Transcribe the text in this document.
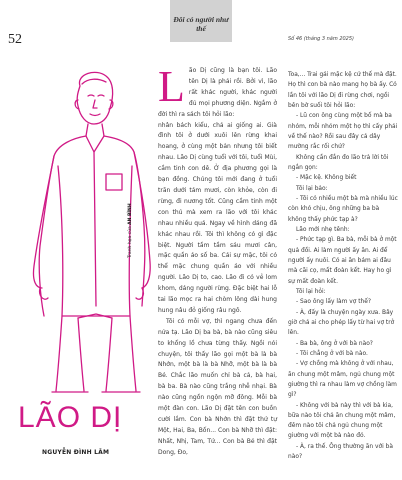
52
Đôi có người như thế
Số 46 (tháng 3 năm 2025)
Tranh họa của AN BÌNH
LÃO DỊ
NGUYỄN ĐÌNH LÂM
L ão Dị cũng là bạn tôi. Lão tên Dị là phải rồi. Bởi vì, lão rất khác người, khác người đủ mọi phương diện. Ngắm ở đời thì ra sách tôi hỏi lão:

nhân bách kiểu, chả ai giống ai. Già đình tôi ở dưới xuôi lên rừng khai hoang, ở cùng một bản nhưng tôi biết nhau. Lão Dị cùng tuổi với tôi, tuổi Mùi, cầm tinh con dê. Ở địa phương gọi là bạn đồng. Chúng tôi mới đang ở tuổi trăn dưới tám mươi, còn khỏe, còn đi rừng, đi nương tốt. Cũng cầm tinh một con thú mà xem ra lão với tôi khác nhau nhiều quá. Ngay về hình dáng đã khác nhau rồi. Tôi thì không có gì đặc biệt. Người tầm tầm sáu mươi cân, mặc quần áo số ba. Cái sự mặc, tôi có thể mặc chung quần áo với nhiều người. Lão Dị to, cao. Lão đi có vẻ lom khom, dáng người rừng. Đặc biệt hai lỗ tai lão mọc ra hai chòm lông dài hung hung nâu đỏ giống râu ngô.

Tôi có mỗi vợ, thì ngang chưa đến nửa tạ. Lão Dị ba bà, bà nào cũng siêu to khổng lồ chưa từng thấy. Ngồi nói chuyện, tôi thấy lão gọi một bà là bà Nhớn, một bà là bà Nhỡ, một bà là bà Bé. Chắc lão muốn chỉ bà cả, bà hai, bà ba. Bà nào cũng trắng nhễ nhại. Bà nào cũng ngồn ngộn mỡ đông. Mỗi bà một đàn con. Lão Dị đặt tên con buồn cười lắm. Con bà Nhớn thì đặt thứ tự Một, Hai, Ba, Bốn... Con bà Nhỡ thì đặt: Nhất, Nhị, Tam, Tứ... Con bà Bé thì đặt Dong, Ðo,

Toa,... Trai gái mặc kệ cứ thế mà đặt. Họ thì con bà nào mang họ bà ấy. Có lần tôi với lão Dị đi rừng chơi, ngồi bên bờ suối tôi hỏi lão:

- Lũ con ông cùng một bố mà ba nhóm, mỗi nhóm một họ thì cấy phải về thế nào? Rồi sau đây cả dây mường rắc rối chứ?

Không cần đắn đo lão trả lời tôi ngắn gọn:

- Mặc kệ. Không biết

Tôi lại bảo:

- Tôi có nhiều một bà mà nhiều lúc còn khó chịu, ông những ba bà không thấy phức tạp à?

Lão mới nhẹ tênh:

- Phức tạp gì. Ba bà, mỗi bà ở một quả đồi. Ai làm người ấy ăn. Ai để người ấy nuôi. Có ai ăn bám ai đâu mà cãi cọ, mất đoàn kết. Hay ho gì sự mất đoàn kết.

Tôi lại hỏi:

- Sao ông lấy làm vợ thế?

- À, đấy là chuyện ngày xưa. Bây giờ chả ai cho phép lấy từ hai vợ trở lên.

- Ba bà, ông ở với bà nào?

- Tôi chẳng ở với bà nào.

- Vợ chồng mà không ở với nhau, ăn chung một mâm, ngủ chung một giường thì ra nhau làm vợ chồng làm gì?

- Không với bà này thì với bà kia, bữa nào tôi chả ăn chung một mâm, đêm nào tôi chả ngủ chung một giường với một bà nào đó.

- À, ra thế. Ông thường ăn với bà nào?
